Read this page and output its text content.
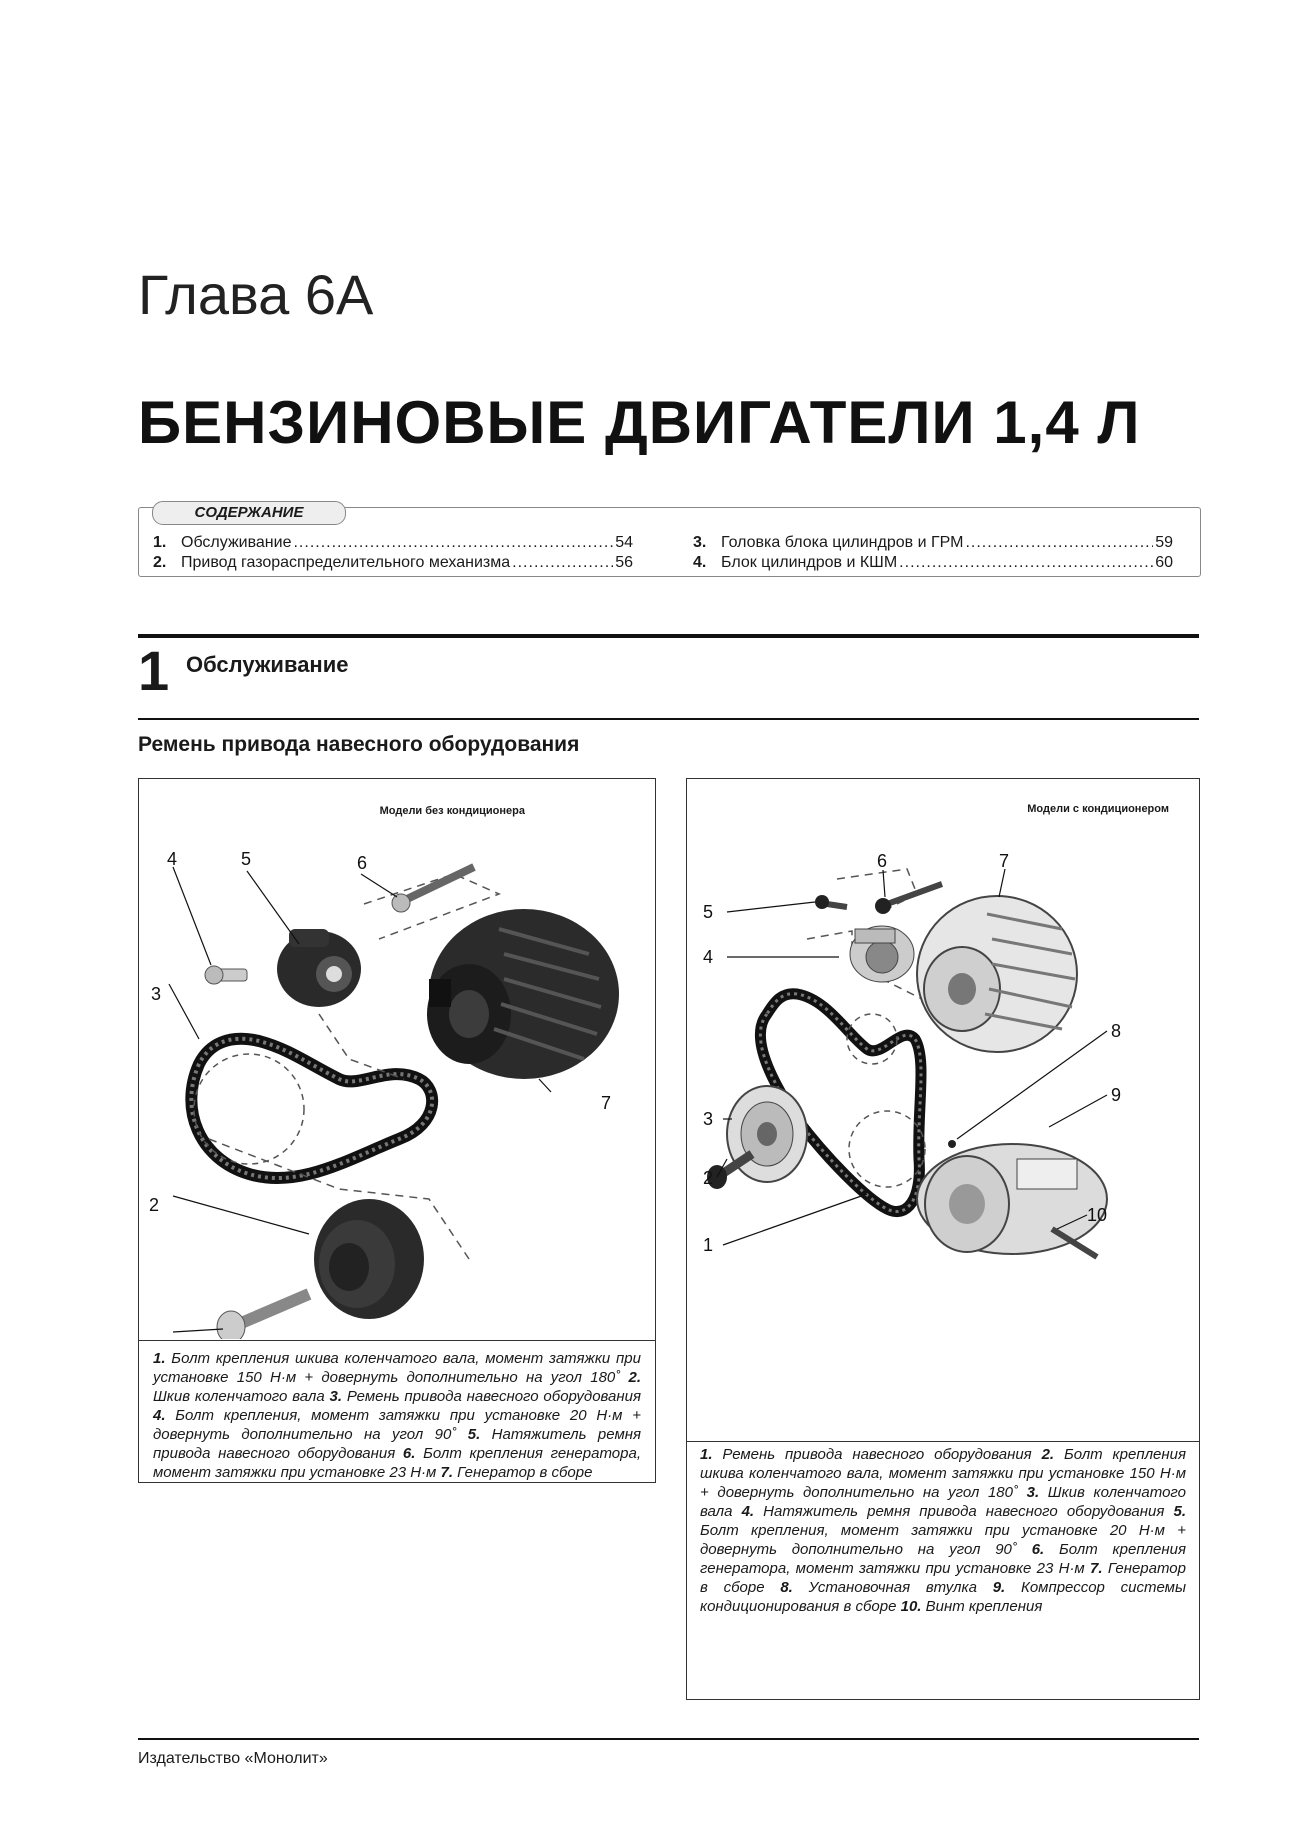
Глава 6А
БЕНЗИНОВЫЕ ДВИГАТЕЛИ 1,4 Л
1. Обслуживание .....	54
2. Привод газораспределительного механизма .....	56
3. Головка блока цилиндров и ГРМ .....	59
4. Блок цилиндров и КШМ .....	60
СОДЕРЖАНИЕ
1 Обслуживание
Ремень привода навесного оборудования
Модели без кондиционера
2
3
4	5	6
7
1. Болт крепления шкива коленчатого вала, момент затяжки при установке 150 Н·м + довернуть дополнительно на угол 180˚ 2. Шкив коленчатого вала 3. Ремень привода навесного оборудования 4. Болт крепления, момент затяжки при установке 20 Н·м + довернуть дополнительно на угол 90˚ 5. Натяжитель ремня привода навесного оборудования 6. Болт крепления генератора, момент затяжки при установке 23 Н·м 7. Генератор в сборе
Модели с кондиционером
1
2
3
4
5
6	7
8
9
10
1. Ремень привода навесного оборудования 2. Болт крепления шкива коленчатого вала, момент затяжки при установке 150 Н·м + довернуть дополнительно на угол 180˚ 3. Шкив коленчатого вала 4. Натяжитель ремня привода навесного оборудования 5. Болт крепления, момент затяжки при установке 20 Н·м + довернуть дополнительно на угол 90˚ 6. Болт крепления генератора, момент затяжки при установке 23 Н·м 7. Генератор в сборе 8. Установочная втулка 9. Компрессор системы кондиционирования в сборе 10. Винт крепления
Издательство «Монолит»
